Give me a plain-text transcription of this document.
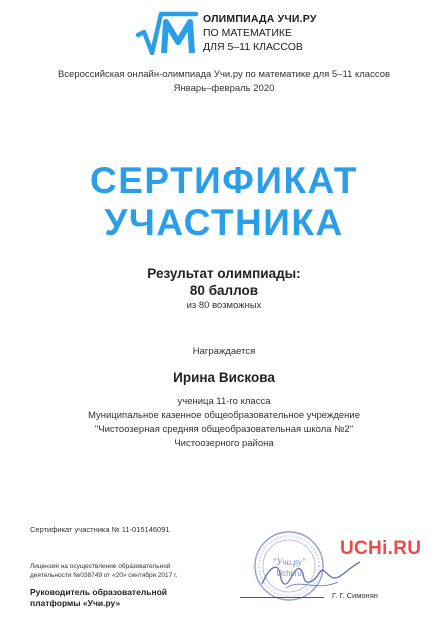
ОЛИМПИАДА УЧИ.РУ
ПО МАТЕМАТИКЕ
ДЛЯ 5–11 КЛАССОВ
Всероссийская онлайн-олимпиада Учи.ру по математике для 5–11 классов
Январь–февраль 2020
СЕРТИФИКАТ
УЧАСТНИКА
Результат олимпиады:
80 баллов
из 80 возможных
Награждается
Ирина Вискова
ученица 11-го класса
Муниципальное казенное общеобразовательное учреждение
"Чистоозерная средняя общеобразовательная школа №2"
Чистоозерного района
Сертификат участника № 11-015146091
Лицензия на осуществление образовательной
деятельности №038749 от «20» сентября 2017 г.
Руководитель образовательной
платформы «Учи.ру»
"Учи.ру"
Uchi.ru
Г. Г. Симонян
UCHi.RU
